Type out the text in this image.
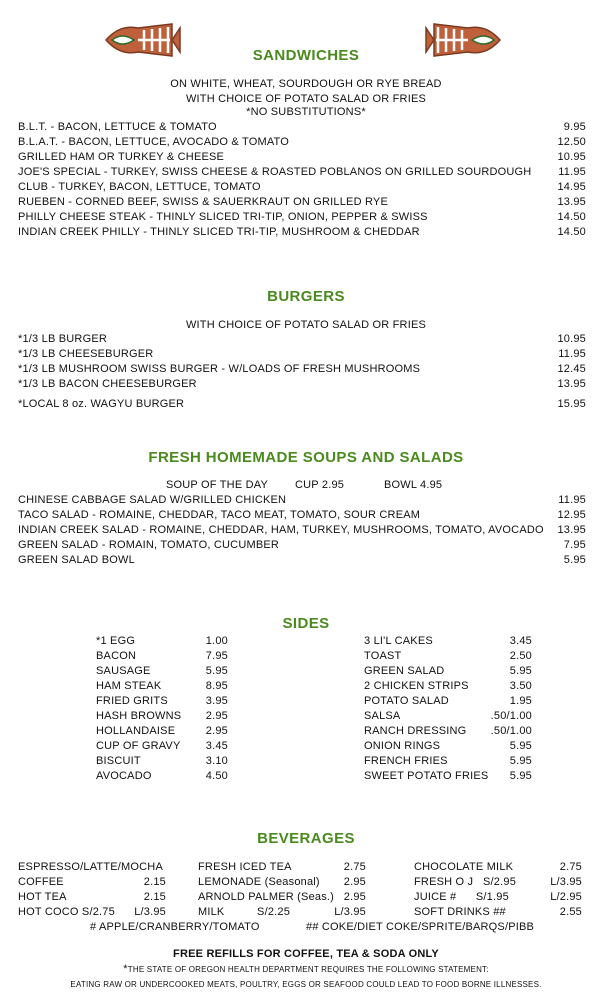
SANDWICHES
ON WHITE, WHEAT, SOURDOUGH OR RYE BREAD
WITH CHOICE OF POTATO SALAD OR FRIES
*NO SUBSTITUTIONS*
B.L.T. - BACON, LETTUCE & TOMATO	9.95
B.L.A.T. - BACON, LETTUCE, AVOCADO & TOMATO	12.50
GRILLED HAM OR TURKEY & CHEESE	10.95
JOE'S SPECIAL - TURKEY, SWISS CHEESE & ROASTED POBLANOS ON GRILLED SOURDOUGH 11.95
CLUB - TURKEY, BACON, LETTUCE, TOMATO	14.95
RUEBEN - CORNED BEEF, SWISS & SAUERKRAUT ON GRILLED RYE	13.95
PHILLY CHEESE STEAK - THINLY SLICED TRI-TIP, ONION, PEPPER & SWISS	14.50
INDIAN CREEK PHILLY - THINLY SLICED TRI-TIP, MUSHROOM & CHEDDAR	14.50
BURGERS
WITH CHOICE OF POTATO SALAD OR FRIES
*1/3 LB BURGER	10.95
*1/3 LB CHEESEBURGER	11.95
*1/3 LB MUSHROOM SWISS BURGER - W/LOADS OF FRESH MUSHROOMS	12.45
*1/3 LB BACON CHEESEBURGER	13.95
*LOCAL 8 oz. WAGYU BURGER	15.95
FRESH HOMEMADE SOUPS AND SALADS
SOUP OF THE DAY CUP 2.95	BOWL 4.95
CHINESE CABBAGE SALAD W/GRILLED CHICKEN	11.95
TACO SALAD - ROMAINE, CHEDDAR, TACO MEAT, TOMATO, SOUR CREAM	12.95
INDIAN CREEK SALAD - ROMAINE, CHEDDAR, HAM, TURKEY, MUSHROOMS, TOMATO, AVOCADO 13.95
GREEN SALAD - ROMAIN, TOMATO, CUCUMBER	7.95
GREEN SALAD BOWL	5.95
SIDES
*1 EGG	1.00
BACON	7.95
SAUSAGE	5.95
HAM STEAK	8.95
FRIED GRITS	3.95
HASH BROWNS 2.95
HOLLANDAISE	2.95
CUP OF GRAVY 3.45
BISCUIT	3.10
AVOCADO	4.50
3 LI'L CAKES	3.45
TOAST	2.50
GREEN SALAD	5.95
2 CHICKEN STRIPS	3.50
POTATO SALAD	1.95
SALSA	.50/1.00
RANCH DRESSING .50/1.00
ONION RINGS	5.95
FRENCH FRIES	5.95
SWEET POTATO FRIES 5.95
BEVERAGES
ESPRESSO/LATTE/MOCHA
COFFEE	2.15
HOT TEA	2.15
HOT COCO S/2.75 L/3.95
FRESH ICED TEA	2.75
LEMONADE (Seasonal) 2.95
ARNOLD PALMER (Seas.) 2.95
MILK          S/2.25	L/3.95
CHOCOLATE MILK	2.75
FRESH O J   S/2.95	L/3.95
JUICE #      S/1.95	L/2.95
SOFT DRINKS ##	2.55
# APPLE/CRANBERRY/TOMATO	## COKE/DIET COKE/SPRITE/BARQS/PIBB
FREE REFILLS FOR COFFEE, TEA & SODA ONLY
*THE STATE OF OREGON HEALTH DEPARTMENT REQUIRES THE FOLLOWING STATEMENT:
EATING RAW OR UNDERCOOKED MEATS, POULTRY, EGGS OR SEAFOOD COULD LEAD TO FOOD BORNE ILLNESSES.
